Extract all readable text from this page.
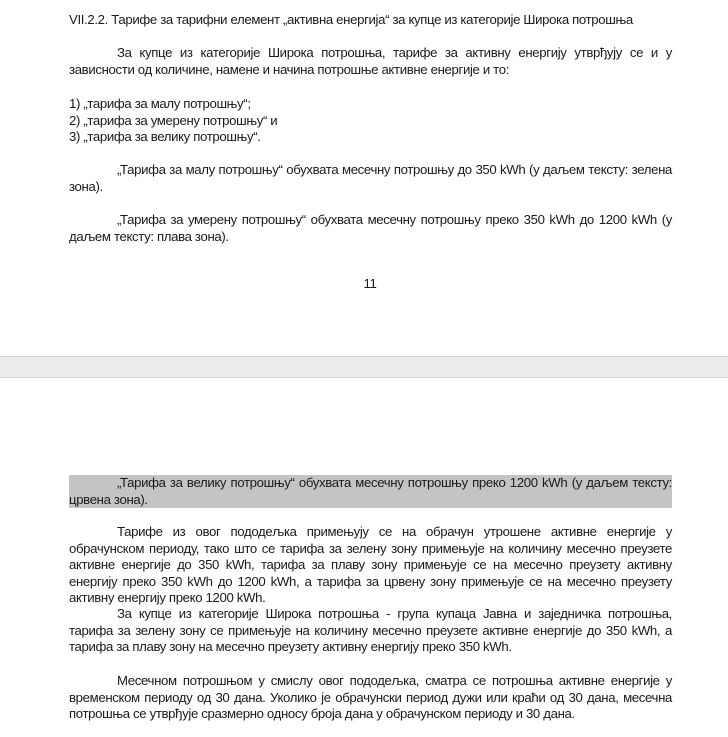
VII.2.2. Тарифе за тарифни елемент „активна енергија“ за купце из категорије Широка потрошња

За купце из категорије Широка потрошња, тарифе за активну енергију утврђују се и у зависности од количине, намене и начина потрошње активне енергије и то:

1) „тарифа за малу потрошњу“;
2) „тарифа за умерену потрошњу“ и
3) „тарифа за велику потрошњу“.

„Тарифа за малу потрошњу“ обухвата месечну потрошњу до 350 kWh (у даљем тексту: зелена зона).

„Тарифа за умерену потрошњу“ обухвата месечну потрошњу преко 350 kWh до 1200 kWh (у даљем тексту: плава зона).

11

„Тарифа за велику потрошњу“ обухвата месечну потрошњу преко 1200 kWh (у даљем тексту: црвена зона).

Тарифе из овог пододељка примењују се на обрачун утрошене активне енергије у обрачунском периоду, тако што се тарифа за зелену зону примењује на количину месечно преузете активне енергије до 350 kWh, тарифа за плаву зону примењује се на месечно преузету активну енергију преко 350 kWh до 1200 kWh, а тарифа за црвену зону примењује се на месечно преузету активну енергију преко 1200 kWh.

За купце из категорије Широка потрошња - група купаца Јавна и заједничка потрошња, тарифа за зелену зону се примењује на количину месечно преузете активне енергије до 350 kWh, а тарифа за плаву зону на месечно преузету активну енергију преко 350 kWh.

Месечном потрошњом у смислу овог пододељка, сматра се потрошња активне енергије у временском периоду од 30 дана. Уколико је обрачунски период дужи или краћи од 30 дана, месечна потрошња се утврђује сразмерно односу броја дана у обрачунском периоду и 30 дана.
